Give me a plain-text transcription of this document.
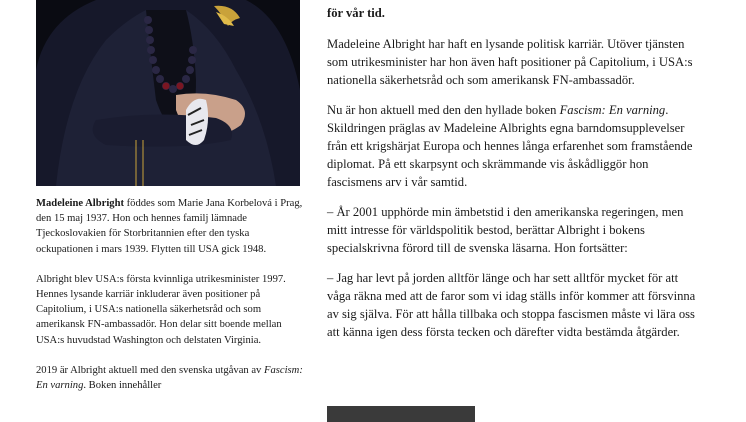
Madeleine Albright föddes som Marie Jana Korbelová i Prag, den 15 maj 1937. Hon och hennes familj lämnade Tjeckoslovakien för Storbritannien efter den tyska ockupationen i mars 1939. Flytten till USA gick 1948.

Albright blev USA:s första kvinnliga utrikesminister 1997. Hennes lysande karriär inkluderar även positioner på Capitolium, i USA:s nationella säkerhetsråd och som amerikansk FN-ambassadör. Hon delar sitt boende mellan USA:s huvudstad Washington och delstaten Virginia.

2019 är Albright aktuell med den svenska utgåvan av Fascism: En varning. Boken innehåller

för vår tid.

Madeleine Albright har haft en lysande politisk karriär. Utöver tjänsten som utrikesminister har hon även haft positioner på Capitolium, i USA:s nationella säkerhetsråd och som amerikansk FN-ambassadör.

Nu är hon aktuell med den den hyllade boken Fascism: En varning. Skildringen präglas av Madeleine Albrights egna barndomsupplevelser från ett krigshärjat Europa och hennes långa erfarenhet som framstående diplomat. På ett skarpsynt och skrämmande vis åskådliggör hon fascismens arv i vår samtid.

– År 2001 upphörde min ämbetstid i den amerikanska regeringen, men mitt intresse för världspolitik bestod, berättar Albright i bokens specialskrivna förord till de svenska läsarna. Hon fortsätter:

– Jag har levt på jorden alltför länge och har sett alltför mycket för att våga räkna med att de faror som vi idag ställs inför kommer att försvinna av sig själva. För att hålla tillbaka och stoppa fascismen måste vi lära oss att känna igen dess första tecken och därefter vidta bestämda åtgärder.
